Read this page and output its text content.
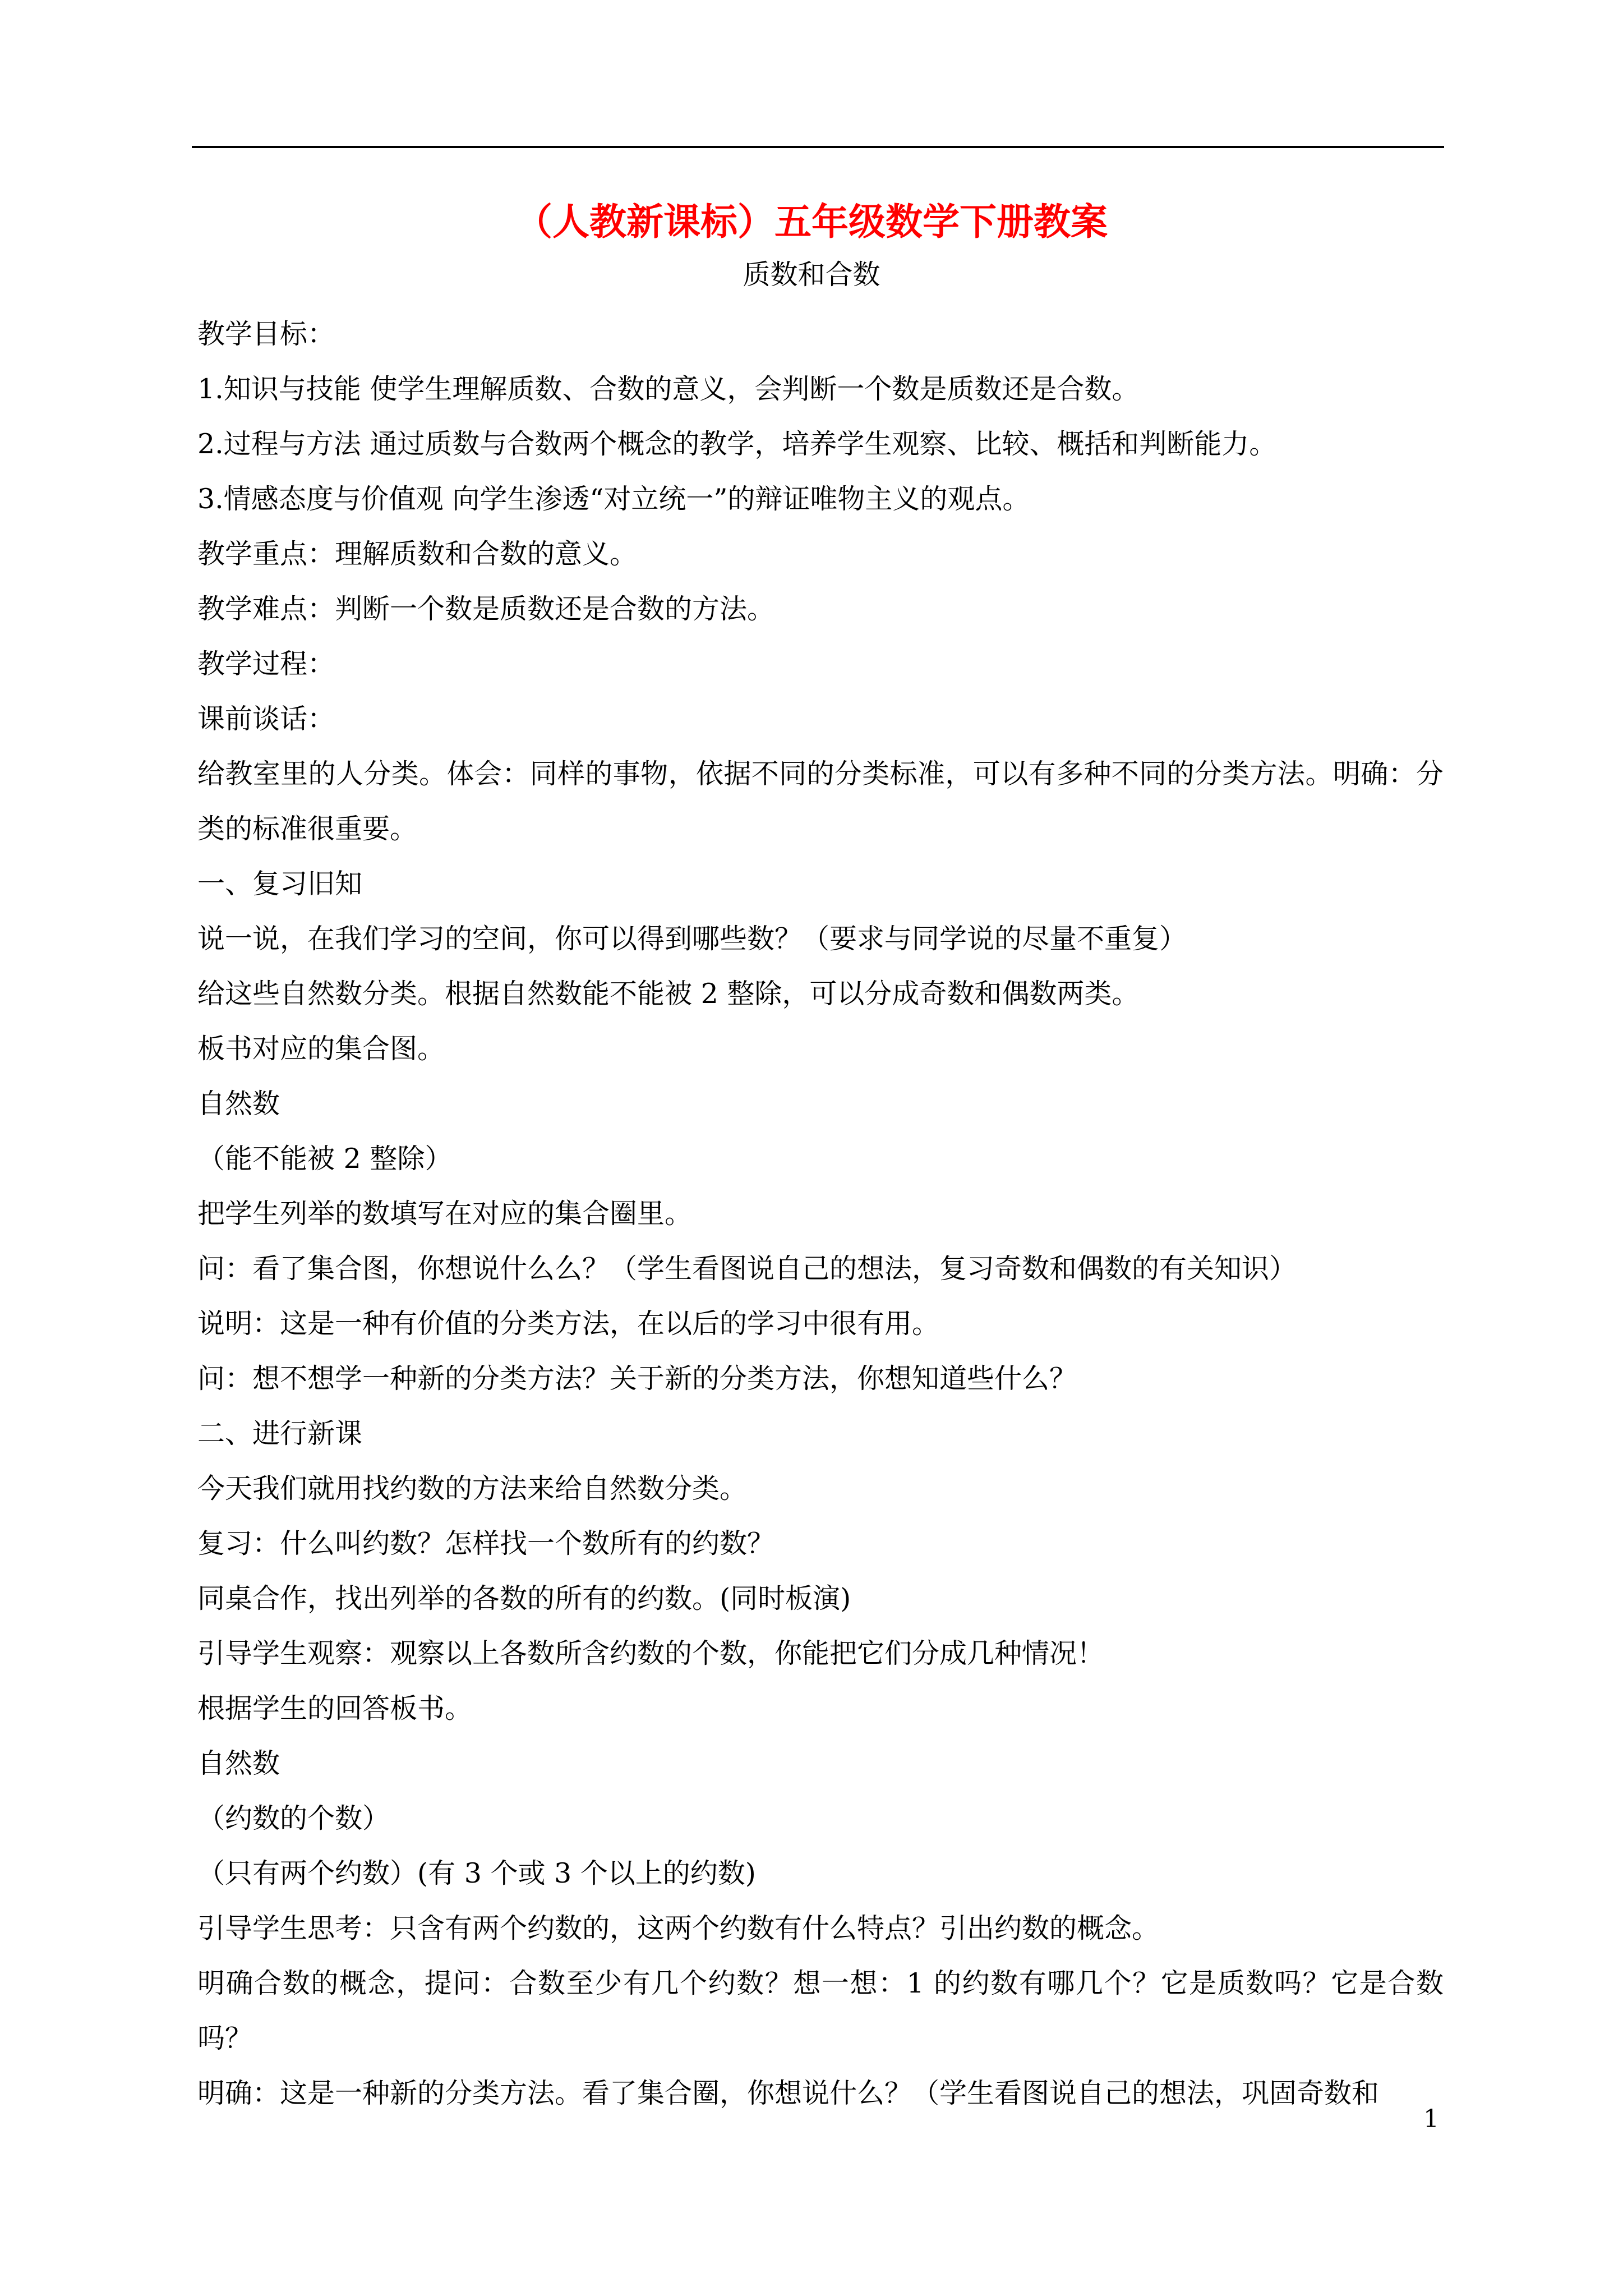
（人教新课标）五年级数学下册教案
质数和合数

教学目标：

1.知识与技能 使学生理解质数、合数的意义，会判断一个数是质数还是合数。

2.过程与方法 通过质数与合数两个概念的教学，培养学生观察、比较、概括和判断能力。

3.情感态度与价值观 向学生渗透“对立统一”的辩证唯物主义的观点。

教学重点：理解质数和合数的意义。

教学难点：判断一个数是质数还是合数的方法。

教学过程：

课前谈话：

给教室里的人分类。体会：同样的事物，依据不同的分类标准，可以有多种不同的分类方法。明确：分类的标准很重要。

一、复习旧知

说一说，在我们学习的空间，你可以得到哪些数？（要求与同学说的尽量不重复）

给这些自然数分类。根据自然数能不能被 2 整除，可以分成奇数和偶数两类。

板书对应的集合图。

自然数

（能不能被 2 整除）

把学生列举的数填写在对应的集合圈里。

问：看了集合图，你想说什么么？（学生看图说自己的想法，复习奇数和偶数的有关知识）

说明：这是一种有价值的分类方法，在以后的学习中很有用。

问：想不想学一种新的分类方法？关于新的分类方法，你想知道些什么？

二、进行新课

今天我们就用找约数的方法来给自然数分类。

复习：什么叫约数？怎样找一个数所有的约数？

同桌合作，找出列举的各数的所有的约数。(同时板演)

引导学生观察：观察以上各数所含约数的个数，你能把它们分成几种情况！

根据学生的回答板书。

自然数

（约数的个数）

（只有两个约数）(有 3 个或 3 个以上的约数)

引导学生思考：只含有两个约数的，这两个约数有什么特点？引出约数的概念。

明确合数的概念，提问：合数至少有几个约数？想一想：1 的约数有哪几个？它是质数吗？它是合数吗？

明确：这是一种新的分类方法。看了集合圈，你想说什么？（学生看图说自己的想法，巩固奇数和

1
